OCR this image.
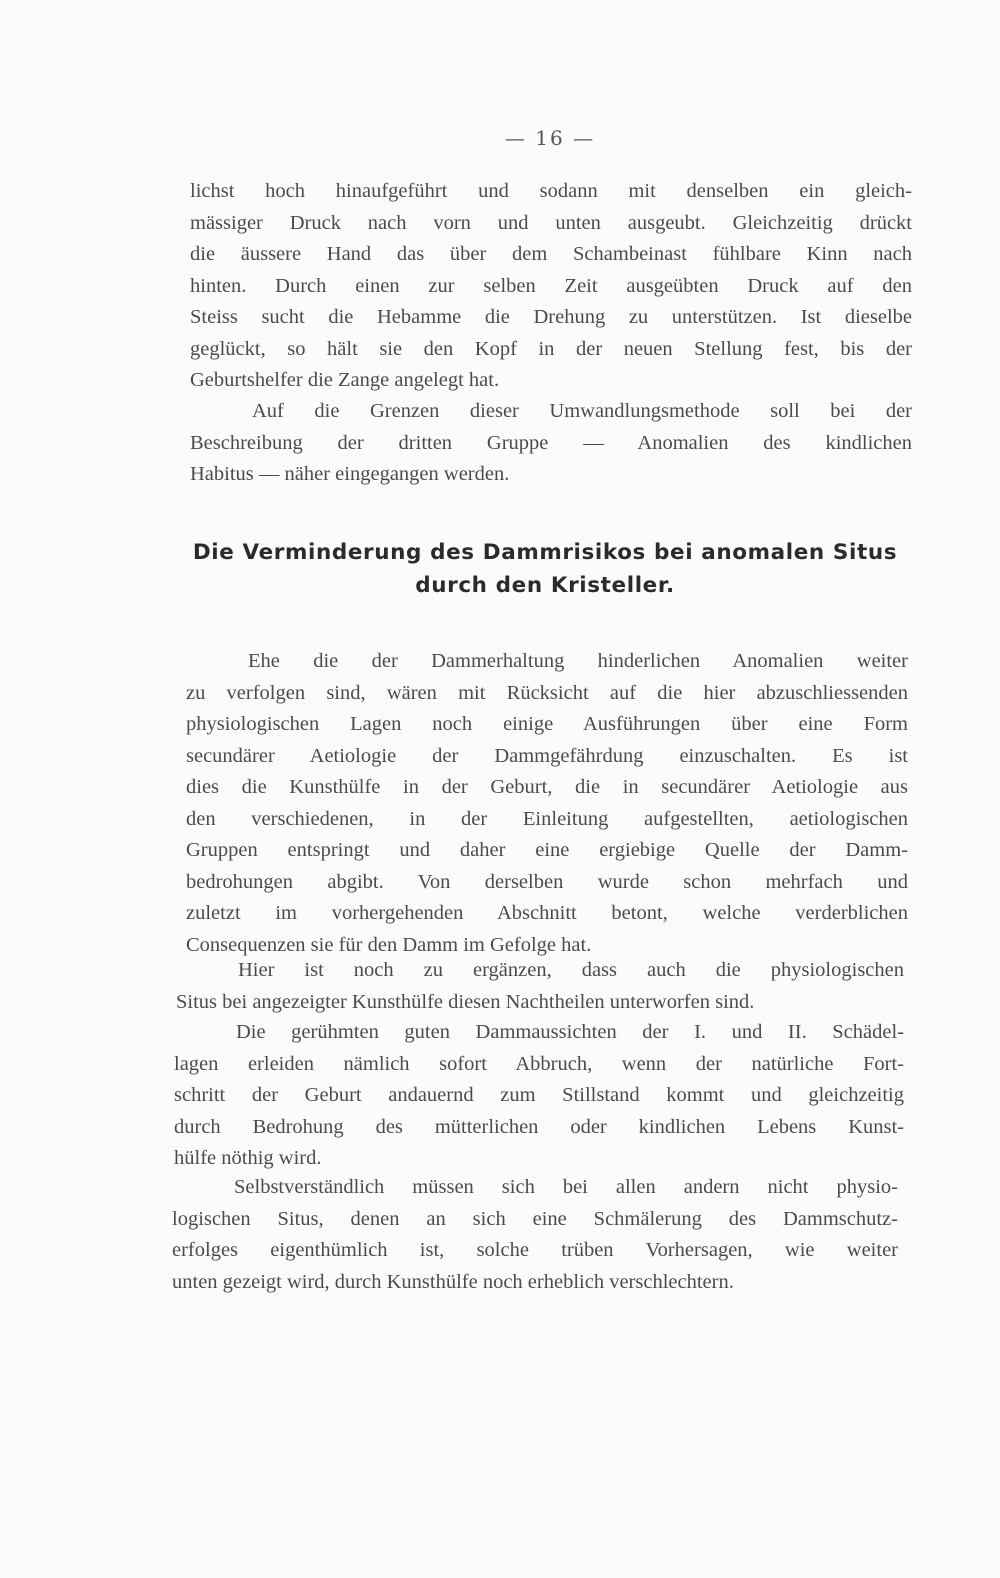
— 16 —
lichst hoch hinaufgeführt und sodann mit denselben ein gleich-
mässiger Druck nach vorn und unten ausgeubt. Gleichzeitig drückt
die äussere Hand das über dem Schambeinast fühlbare Kinn nach
hinten. Durch einen zur selben Zeit ausgeübten Druck auf den
Steiss sucht die Hebamme die Drehung zu unterstützen. Ist dieselbe
geglückt, so hält sie den Kopf in der neuen Stellung fest, bis der
Geburtshelfer die Zange angelegt hat.
Auf die Grenzen dieser Umwandlungsmethode soll bei der
Beschreibung der dritten Gruppe — Anomalien des kindlichen
Habitus — näher eingegangen werden.
Die Verminderung des Dammrisikos bei anomalen Situs
durch den Kristeller.
Ehe die der Dammerhaltung hinderlichen Anomalien weiter
zu verfolgen sind, wären mit Rücksicht auf die hier abzuschliessenden
physiologischen Lagen noch einige Ausführungen über eine Form
secundärer Aetiologie der Dammgefährdung einzuschalten. Es ist
dies die Kunsthülfe in der Geburt, die in secundärer Aetiologie aus
den verschiedenen, in der Einleitung aufgestellten, aetiologischen
Gruppen entspringt und daher eine ergiebige Quelle der Damm-
bedrohungen abgibt. Von derselben wurde schon mehrfach und
zuletzt im vorhergehenden Abschnitt betont, welche verderblichen
Consequenzen sie für den Damm im Gefolge hat.
Hier ist noch zu ergänzen, dass auch die physiologischen
Situs bei angezeigter Kunsthülfe diesen Nachtheilen unterworfen sind.
Die gerühmten guten Dammaussichten der I. und II. Schädel-
lagen erleiden nämlich sofort Abbruch, wenn der natürliche Fort-
schritt der Geburt andauernd zum Stillstand kommt und gleichzeitig
durch Bedrohung des mütterlichen oder kindlichen Lebens Kunst-
hülfe nöthig wird.
Selbstverständlich müssen sich bei allen andern nicht physio-
logischen Situs, denen an sich eine Schmälerung des Dammschutz-
erfolges eigenthümlich ist, solche trüben Vorhersagen, wie weiter
unten gezeigt wird, durch Kunsthülfe noch erheblich verschlechtern.
